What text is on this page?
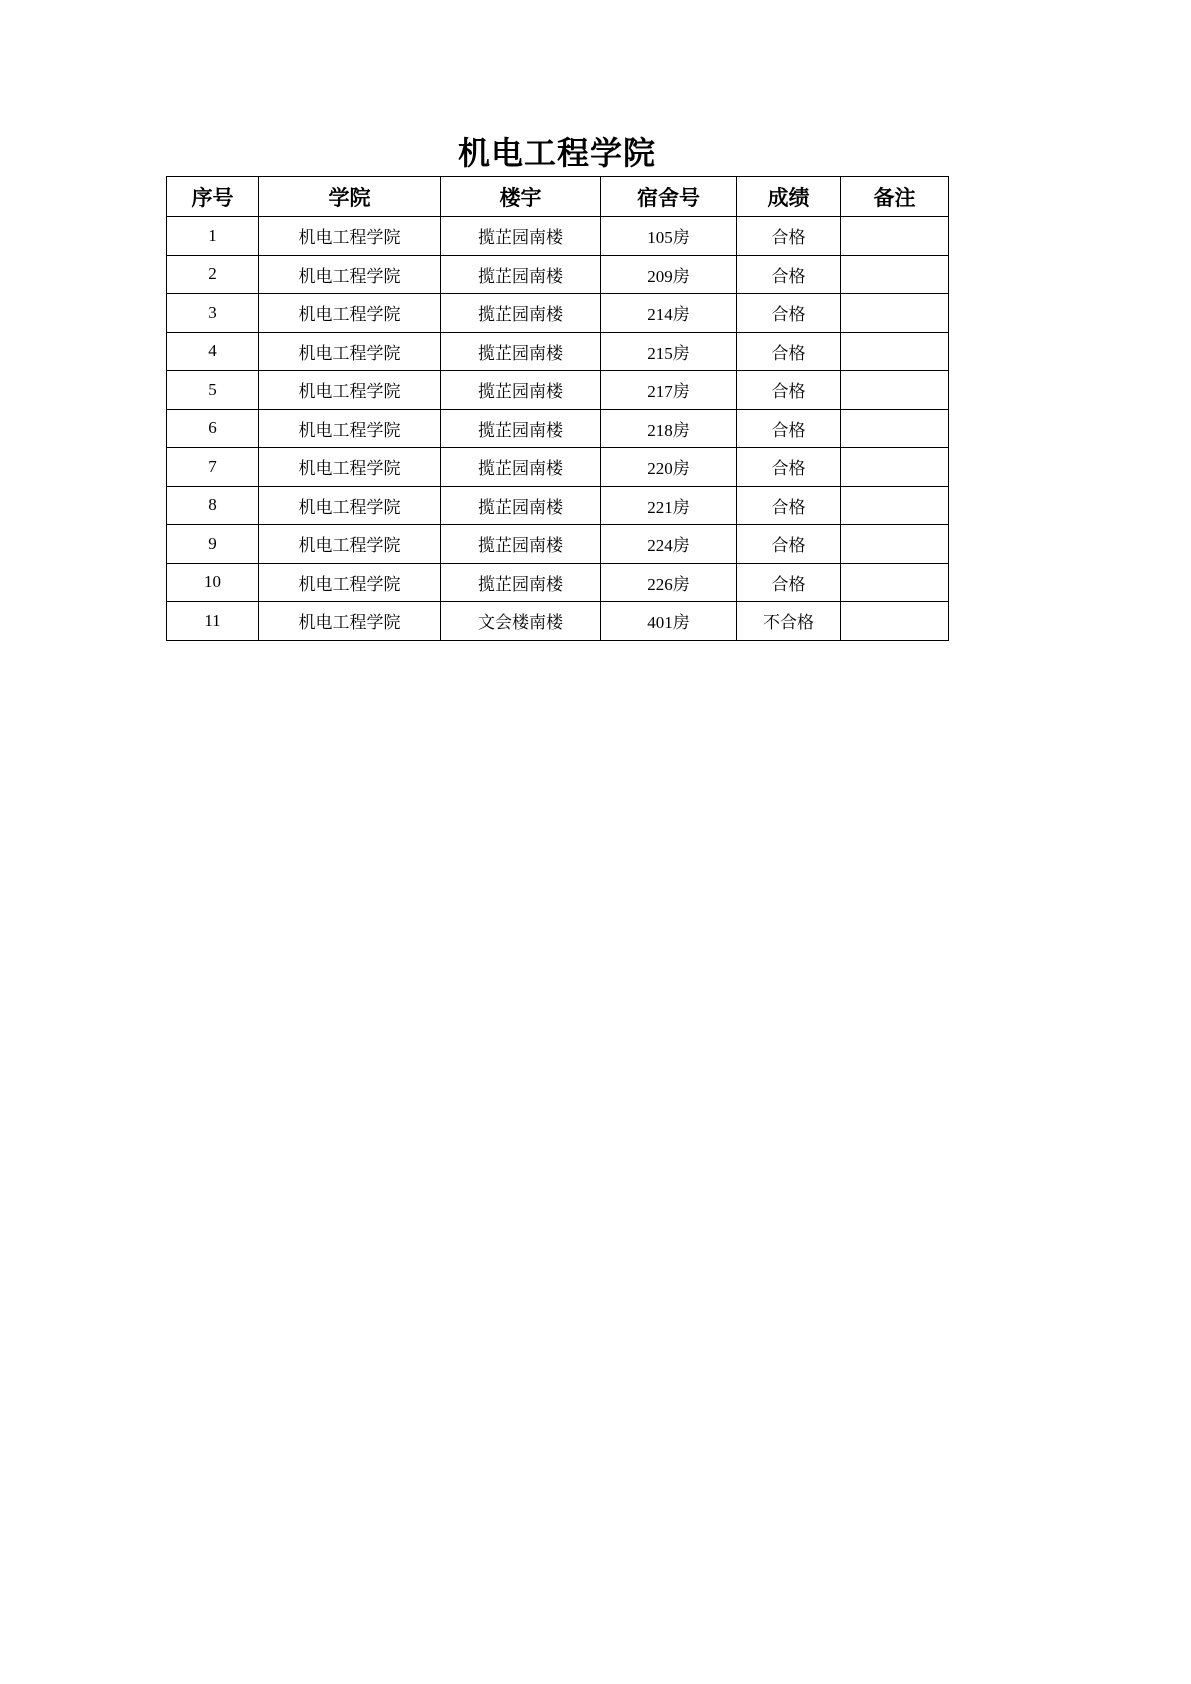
机电工程学院
序号	学院	楼宇	宿舍号	成绩	备注
1	机电工程学院	揽芷园南楼	105房	合格	
2	机电工程学院	揽芷园南楼	209房	合格	
3	机电工程学院	揽芷园南楼	214房	合格	
4	机电工程学院	揽芷园南楼	215房	合格	
5	机电工程学院	揽芷园南楼	217房	合格	
6	机电工程学院	揽芷园南楼	218房	合格	
7	机电工程学院	揽芷园南楼	220房	合格	
8	机电工程学院	揽芷园南楼	221房	合格	
9	机电工程学院	揽芷园南楼	224房	合格	
10	机电工程学院	揽芷园南楼	226房	合格	
11	机电工程学院	文会楼南楼	401房	不合格	
